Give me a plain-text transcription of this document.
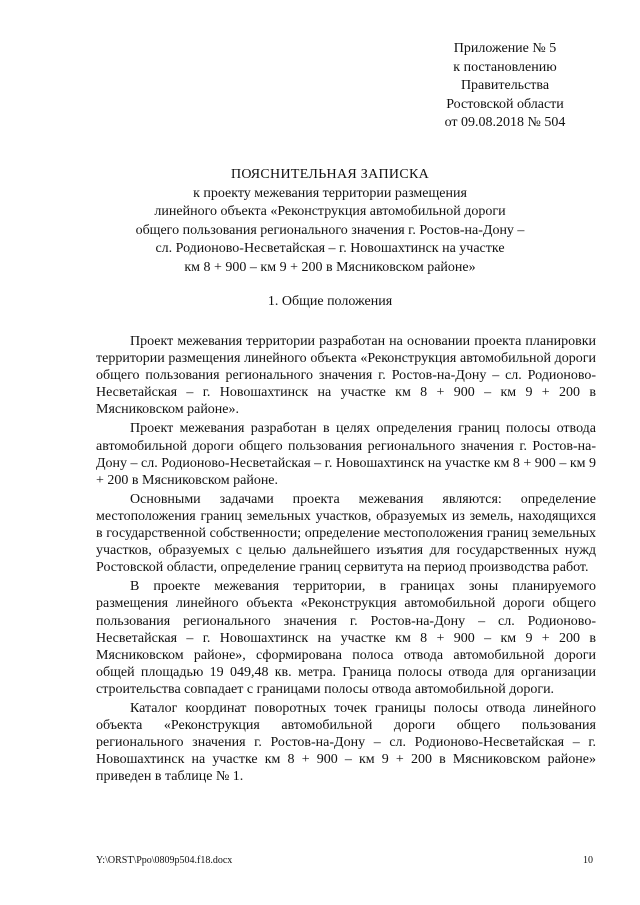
Приложение № 5
к постановлению
Правительства
Ростовской области
от 09.08.2018 № 504
ПОЯСНИТЕЛЬНАЯ ЗАПИСКА
к проекту межевания территории размещения
линейного объекта «Реконструкция автомобильной дороги
общего пользования регионального значения г. Ростов-на-Дону –
сл. Родионово-Несветайская – г. Новошахтинск на участке
км 8 + 900 – км 9 + 200 в Мясниковском районе»
1. Общие положения

Проект межевания территории разработан на основании проекта планировки территории размещения линейного объекта «Реконструкция автомобильной дороги общего пользования регионального значения г. Ростов-на-Дону – сл. Родионово-Несветайская – г. Новошахтинск на участке км 8 + 900 – км 9 + 200 в Мясниковском районе».

Проект межевания разработан в целях определения границ полосы отвода автомобильной дороги общего пользования регионального значения г. Ростов-на-Дону – сл. Родионово-Несветайская – г. Новошахтинск на участке км 8 + 900 – км 9 + 200 в Мясниковском районе.

Основными задачами проекта межевания являются: определение местоположения границ земельных участков, образуемых из земель, находящихся в государственной собственности; определение местоположения границ земельных участков, образуемых с целью дальнейшего изъятия для государственных нужд Ростовской области, определение границ сервитута на период производства работ.

В проекте межевания территории, в границах зоны планируемого размещения линейного объекта «Реконструкция автомобильной дороги общего пользования регионального значения г. Ростов-на-Дону – сл. Родионово-Несветайская – г. Новошахтинск на участке км 8 + 900 – км 9 + 200 в Мясниковском районе», сформирована полоса отвода автомобильной дороги общей площадью 19 049,48 кв. метра. Граница полосы отвода для организации строительства совпадает с границами полосы отвода автомобильной дороги.

Каталог координат поворотных точек границы полосы отвода линейного объекта «Реконструкция автомобильной дороги общего пользования регионального значения г. Ростов-на-Дону – сл. Родионово-Несветайская – г. Новошахтинск на участке км 8 + 900 – км 9 + 200 в Мясниковском районе» приведен в таблице № 1.

Y:\ORST\Ppo\0809p504.f18.docx	10
